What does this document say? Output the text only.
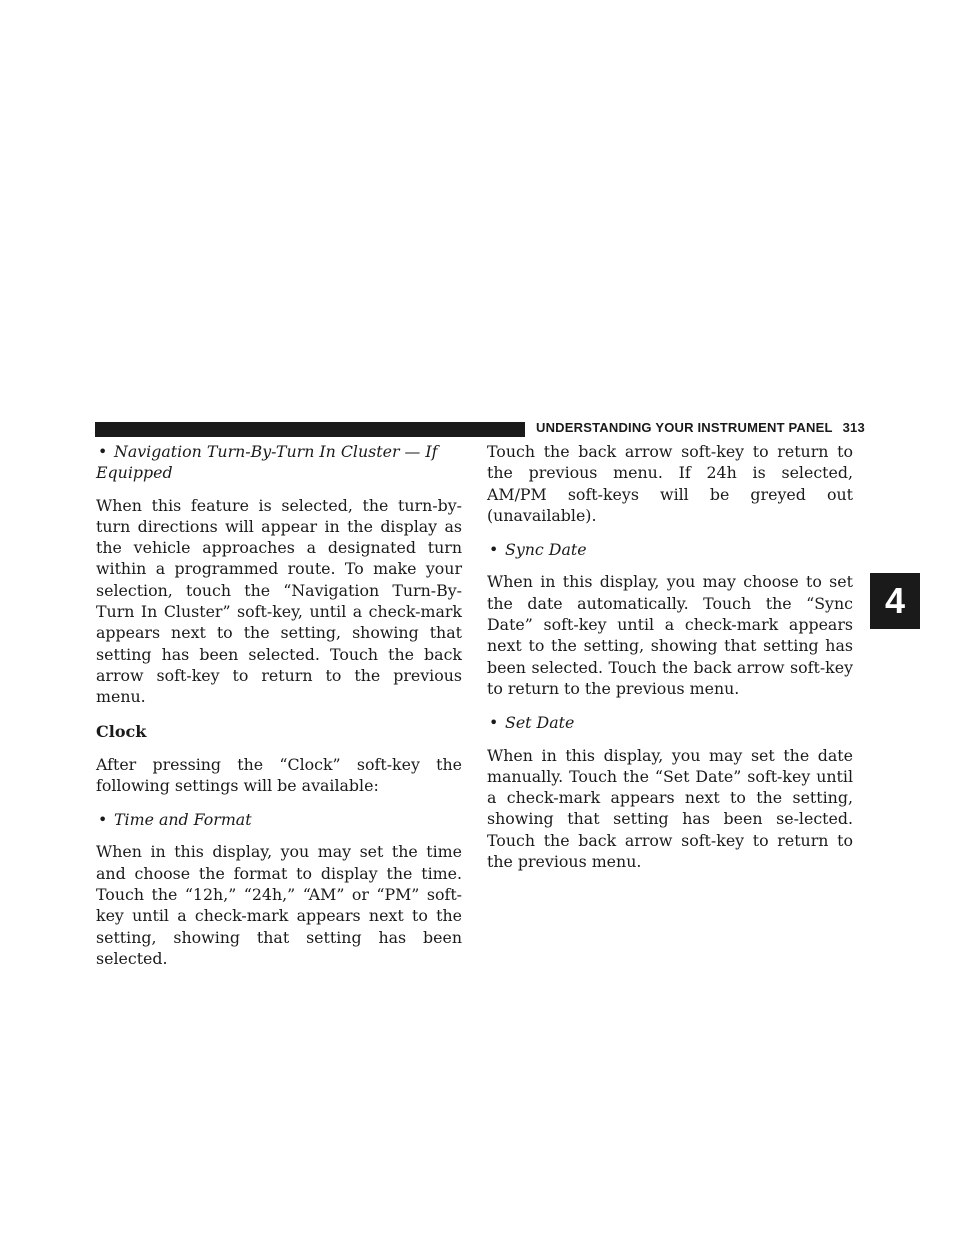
UNDERSTANDING YOUR INSTRUMENT PANEL 313
4

• Navigation Turn-By-Turn In Cluster — If Equipped

When this feature is selected, the turn-by-turn directions will appear in the display as the vehicle approaches a designated turn within a programmed route. To make your selection, touch the “Navigation Turn-By-Turn In Cluster” soft-key, until a check-mark appears next to the setting, showing that setting has been selected. Touch the back arrow soft-key to return to the previous menu.

Clock

After pressing the “Clock” soft-key the following settings will be available:

• Time and Format

When in this display, you may set the time and choose the format to display the time. Touch the “12h,” “24h,” “AM” or “PM” soft-key until a check-mark appears next to the setting, showing that setting has been selected.

Touch the back arrow soft-key to return to the previous menu. If 24h is selected, AM/PM soft-keys will be greyed out (unavailable).

• Sync Date

When in this display, you may choose to set the date automatically. Touch the “Sync Date” soft-key until a check-mark appears next to the setting, showing that setting has been selected. Touch the back arrow soft-key to return to the previous menu.

• Set Date

When in this display, you may set the date manually. Touch the “Set Date” soft-key until a check-mark appears next to the setting, showing that setting has been se-lected. Touch the back arrow soft-key to return to the previous menu.
